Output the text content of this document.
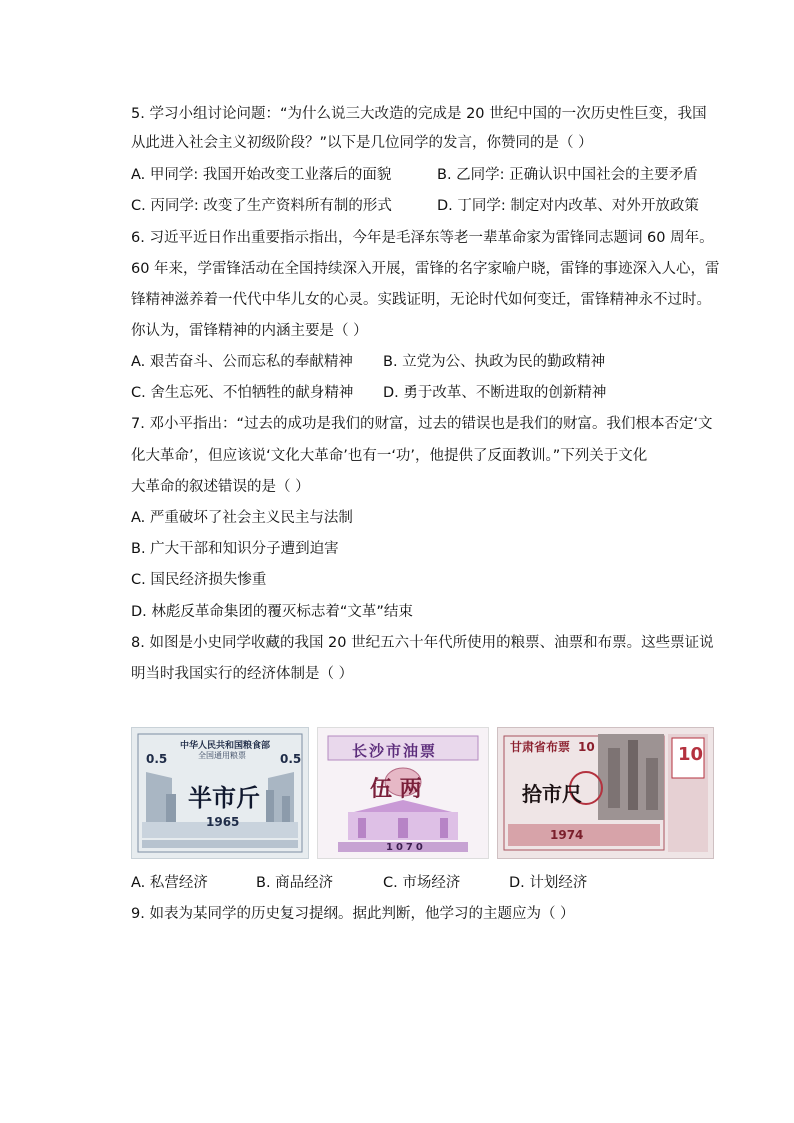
5. 学习小组讨论问题：“为什么说三大改造的完成是 20 世纪中国的一次历史性巨变，我国
从此进入社会主义初级阶段？”以下是几位同学的发言，你赞同的是（ ）
A. 甲同学: 我国开始改变工业落后的面貌	B. 乙同学: 正确认识中国社会的主要矛盾
C. 丙同学: 改变了生产资料所有制的形式	D. 丁同学: 制定对内改革、对外开放政策
6. 习近平近日作出重要指示指出，今年是毛泽东等老一辈革命家为雷锋同志题词 60 周年。
60 年来，学雷锋活动在全国持续深入开展，雷锋的名字家喻户晓，雷锋的事迹深入人心，雷
锋精神滋养着一代代中华儿女的心灵。实践证明，无论时代如何变迁，雷锋精神永不过时。
你认为，雷锋精神的内涵主要是（ ）
A. 艰苦奋斗、公而忘私的奉献精神 B. 立党为公、执政为民的勤政精神
C. 舍生忘死、不怕牺牲的献身精神 D. 勇于改革、不断进取的创新精神
7. 邓小平指出：“过去的成功是我们的财富，过去的错误也是我们的财富。我们根本否定‘文
化大革命’，但应该说‘文化大革命’也有一‘功’，他提供了反面教训。”下列关于文化
大革命的叙述错误的是（ ）
A. 严重破坏了社会主义民主与法制
B. 广大干部和知识分子遭到迫害
C. 国民经济损失惨重
D. 林彪反革命集团的覆灭标志着“文革”结束
8. 如图是小史同学收藏的我国 20 世纪五六十年代所使用的粮票、油票和布票。这些票证说
明当时我国实行的经济体制是（ ）
中华人民共和国粮食部
全国通用粮票
0.5	0.5
半市斤
1965
长沙市油票
伍 两
1070
甘肃省布票 10
拾市尺
1974
10
A. 私营经济	B. 商品经济	C. 市场经济	D. 计划经济
9. 如表为某同学的历史复习提纲。据此判断，他学习的主题应为（ ）
